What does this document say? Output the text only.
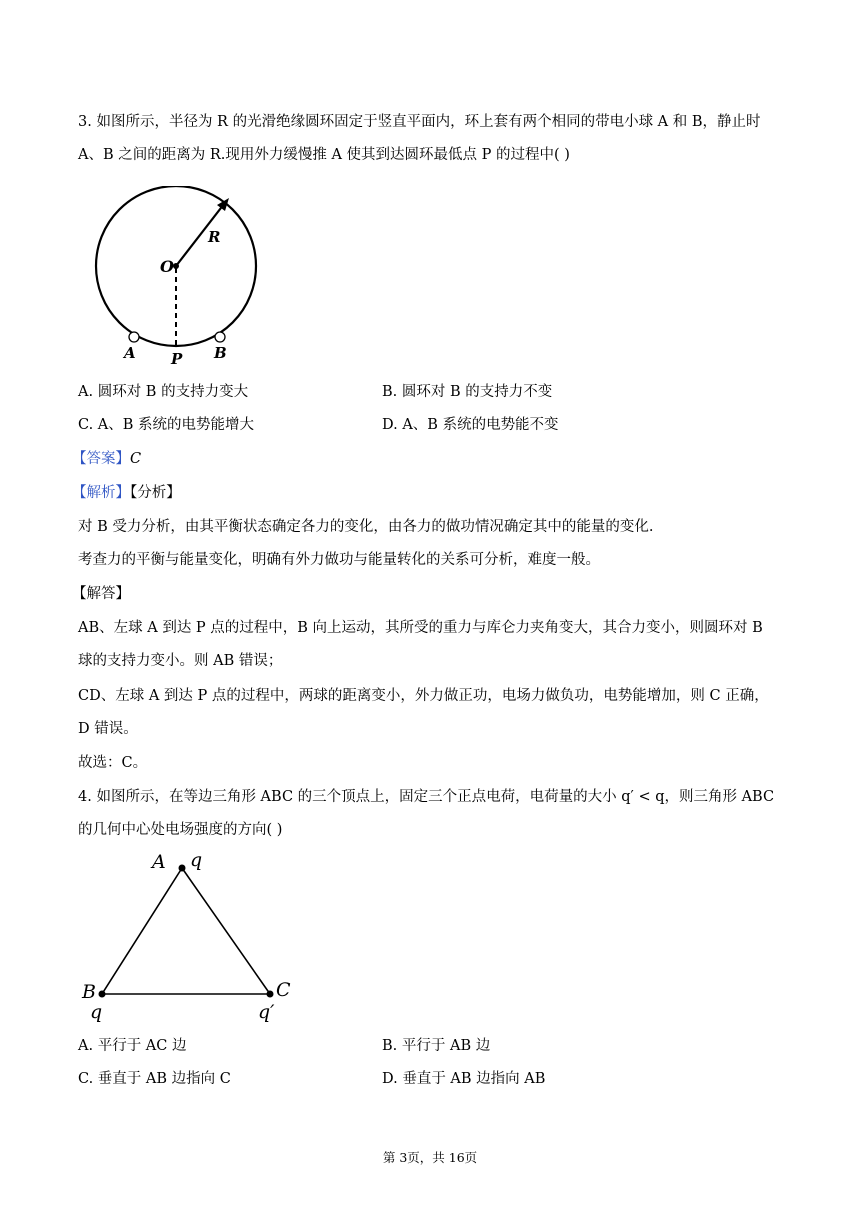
3. 如图所示，半径为 R 的光滑绝缘圆环固定于竖直平面内，环上套有两个相同的带电小球 A 和 B，静止时
A、B 之间的距离为 R.现用外力缓慢推 A 使其到达圆环最低点 P 的过程中( )
O
R
A P B
A. 圆环对 B 的支持力变大	B. 圆环对 B 的支持力不变
C. A、B 系统的电势能增大	D. A、B 系统的电势能不变
【答案】C
【解析】【分析】
对 B 受力分析，由其平衡状态确定各力的变化，由各力的做功情况确定其中的能量的变化.
考查力的平衡与能量变化，明确有外力做功与能量转化的关系可分析，难度一般。
【解答】
AB、左球 A 到达 P 点的过程中，B 向上运动，其所受的重力与库仑力夹角变大，其合力变小，则圆环对 B
球的支持力变小。则 AB 错误；
CD、左球 A 到达 P 点的过程中，两球的距离变小，外力做正功，电场力做负功，电势能增加，则 C 正确，
D 错误。
故选：C。
4. 如图所示，在等边三角形 ABC 的三个顶点上，固定三个正点电荷，电荷量的大小 q′ < q，则三角形 ABC
的几何中心处电场强度的方向( )
A q
B
q
C
q′
A. 平行于 AC 边	B. 平行于 AB 边
C. 垂直于 AB 边指向 C	D. 垂直于 AB 边指向 AB
第 3页，共 16页
